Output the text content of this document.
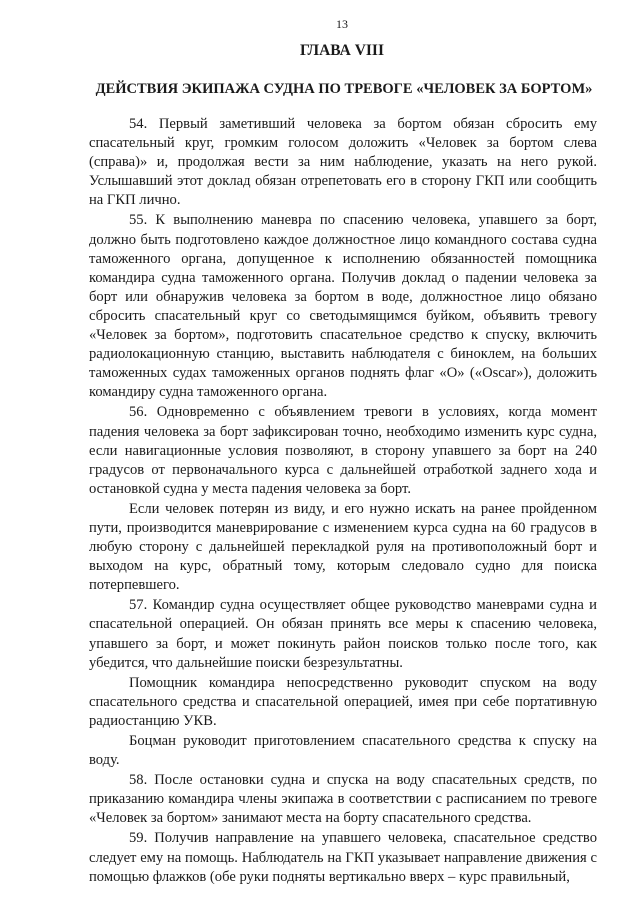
13
ГЛАВА VIII
ДЕЙСТВИЯ ЭКИПАЖА СУДНА ПО ТРЕВОГЕ «ЧЕЛОВЕК ЗА БОРТОМ»

54. Первый заметивший человека за бортом обязан сбросить ему спасательный круг, громким голосом доложить «Человек за бортом слева (справа)» и, продолжая вести за ним наблюдение, указать на него рукой. Услышавший этот доклад обязан отрепетовать его в сторону ГКП или сообщить на ГКП лично.

55. К выполнению маневра по спасению человека, упавшего за борт, должно быть подготовлено каждое должностное лицо командного состава судна таможенного органа, допущенное к исполнению обязанностей помощника командира судна таможенного органа. Получив доклад о падении человека за борт или обнаружив человека за бортом в воде, должностное лицо обязано сбросить спасательный круг со светодымящимся буйком, объявить тревогу «Человек за бортом», подготовить спасательное средство к спуску, включить радиолокационную станцию, выставить наблюдателя с биноклем, на больших таможенных судах таможенных органов поднять флаг «О» («Oscar»), доложить командиру судна таможенного органа.

56. Одновременно с объявлением тревоги в условиях, когда момент падения человека за борт зафиксирован точно, необходимо изменить курс судна, если навигационные условия позволяют, в сторону упавшего за борт на 240 градусов от первоначального курса с дальнейшей отработкой заднего хода и остановкой судна у места падения человека за борт.

Если человек потерян из виду, и его нужно искать на ранее пройденном пути, производится маневрирование с изменением курса судна на 60 градусов в любую сторону с дальнейшей перекладкой руля на противоположный борт и выходом на курс, обратный тому, которым следовало судно для поиска потерпевшего.

57. Командир судна осуществляет общее руководство маневрами судна и спасательной операцией. Он обязан принять все меры к спасению человека, упавшего за борт, и может покинуть район поисков только после того, как убедится, что дальнейшие поиски безрезультатны.

Помощник командира непосредственно руководит спуском на воду спасательного средства и спасательной операцией, имея при себе портативную радиостанцию УКВ.

Боцман руководит приготовлением спасательного средства к спуску на воду.

58. После остановки судна и спуска на воду спасательных средств, по приказанию командира члены экипажа в соответствии с расписанием по тревоге «Человек за бортом» занимают места на борту спасательного средства.

59. Получив направление на упавшего человека, спасательное средство следует ему на помощь. Наблюдатель на ГКП указывает направление движения с помощью флажков (обе руки подняты вертикально вверх – курс правильный,
